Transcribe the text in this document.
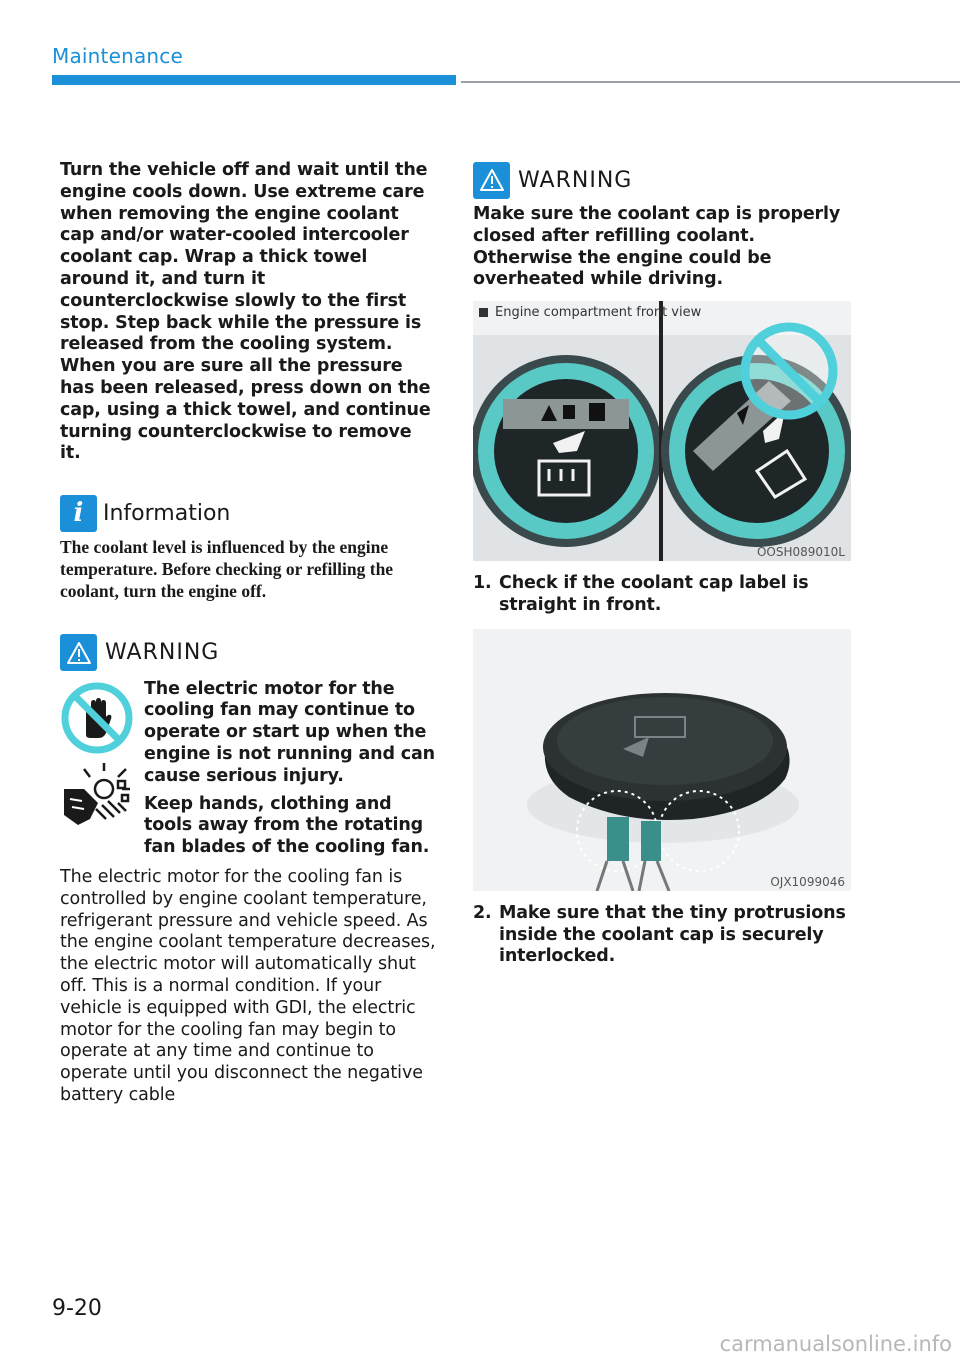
Maintenance

Turn the vehicle off and wait until the engine cools down. Use extreme care when removing the engine coolant cap and/or water-cooled intercooler coolant cap. Wrap a thick towel around it, and turn it counterclockwise slowly to the first stop. Step back while the pressure is released from the cooling system. When you are sure all the pressure has been released, press down on the cap, using a thick towel, and continue turning counterclockwise to remove it.

i Information

The coolant level is influenced by the engine temperature. Before checking or refilling the coolant, turn the engine off.

WARNING

The electric motor for the cooling fan may continue to operate or start up when the engine is not running and can cause serious injury.

Keep hands, clothing and tools away from the rotating fan blades of the cooling fan.

The electric motor for the cooling fan is controlled by engine coolant temperature, refrigerant pressure and vehicle speed. As the engine coolant temperature decreases, the electric motor will automatically shut off. This is a normal condition. If your vehicle is equipped with GDI, the electric motor for the cooling fan may begin to operate at any time and continue to operate until you disconnect the negative battery cable

WARNING

Make sure the coolant cap is properly closed after refilling coolant. Otherwise the engine could be overheated while driving.

Engine compartment front view
OOSH089010L
1. Check if the coolant cap label is straight in front.
OJX1099046
2. Make sure that the tiny protrusions inside the coolant cap is securely interlocked.
9-20
carmanualsonline.info
